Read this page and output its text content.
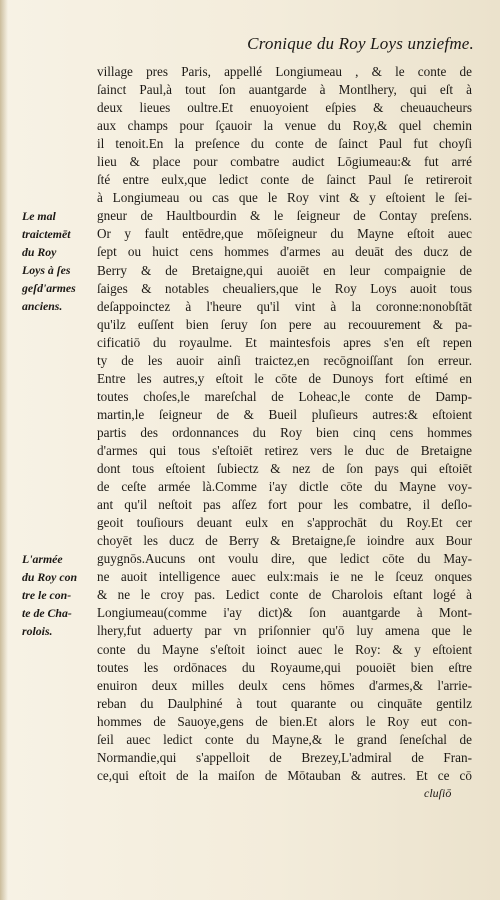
Cronique du Roy Loys unziefme.
village pres Paris, appellé Longiumeau , & le conte de
ſainct Paul,à tout ſon auantgarde à Montlhery, qui eſt à
deux lieues oultre.Et enuoyoient eſpies & cheuaucheurs
aux champs pour ſçauoir la venue du Roy,& quel chemin
il tenoit.En la preſence du conte de ſainct Paul fut choyſi
lieu & place pour combatre audict Lōgiumeau:& fut arré
ſté entre eulx,que ledict conte de ſainct Paul ſe retireroit
à Longiumeau ou cas que le Roy vint & y eſtoient le ſei-
gneur de Haultbourdin & le ſeigneur de Contay preſens.
Or y fault entēdre,que mōſeigneur du Mayne eſtoit auec
ſept ou huict cens hommes d'armes au deuāt des ducz de
Berry & de Bretaigne,qui auoiēt en leur compaignie de
ſaiges & notables cheualiers,que le Roy Loys auoit tous
deſappoinctez à l'heure qu'il vint à la coronne:nonobſtāt
qu'ilz euſſent bien ſeruy ſon pere au recouurement & pa-
cificatiō du royaulme. Et maintesfois apres s'en eſt repen
ty de les auoir ainſi traictez,en recōgnoiſſant ſon erreur.
Entre les autres,y eſtoit le cōte de Dunoys fort eſtimé en
toutes choſes,le mareſchal de Loheac,le conte de Damp-
martin,le ſeigneur de & Bueil pluſieurs autres:& eſtoient
partis des ordonnances du Roy bien cinq cens hommes
d'armes qui tous s'eſtoiēt retirez vers le duc de Bretaigne
dont tous eſtoient ſubiectz & nez de ſon pays qui eſtoiēt
de ceſte armée là.Comme i'ay dictle cōte du Mayne voy-
ant qu'il neſtoit pas aſſez fort pour les combatre, il deſlo-
geoit touſiours deuant eulx en s'approchāt du Roy.Et cer
choyēt les ducz de Berry & Bretaigne,ſe ioindre aux Bour
guygnōs.Aucuns ont voulu dire, que ledict cōte du May-
ne auoit intelligence auec eulx:mais ie ne le ſceuz onques
& ne le croy pas. Ledict conte de Charolois eſtant logé à
Longiumeau(comme i'ay dict)& ſon auantgarde à Mont-
lhery,fut aduerty par vn priſonnier qu'ō luy amena que le
conte du Mayne s'eſtoit ioinct auec le Roy: & y eſtoient
toutes les ordōnaces du Royaume,qui pouoiēt bien eſtre
enuiron deux milles deulx cens hōmes d'armes,& l'arrie-
reban du Daulphiné à tout quarante ou cinquāte gentilz
hommes de Sauoye,gens de bien.Et alors le Roy eut con-
ſeil auec ledict conte du Mayne,& le grand ſeneſchal de
Normandie,qui s'appelloit de Brezey,L'admiral de Fran-
ce,qui eſtoit de la maiſon de Mōtauban & autres. Et ce cō
Le mal
traictemēt
du Roy
Loys à ſes
geſd'armes
anciens.
L'armée
du Roy con
tre le con-
te de Cha-
rolois.
cluſiō
